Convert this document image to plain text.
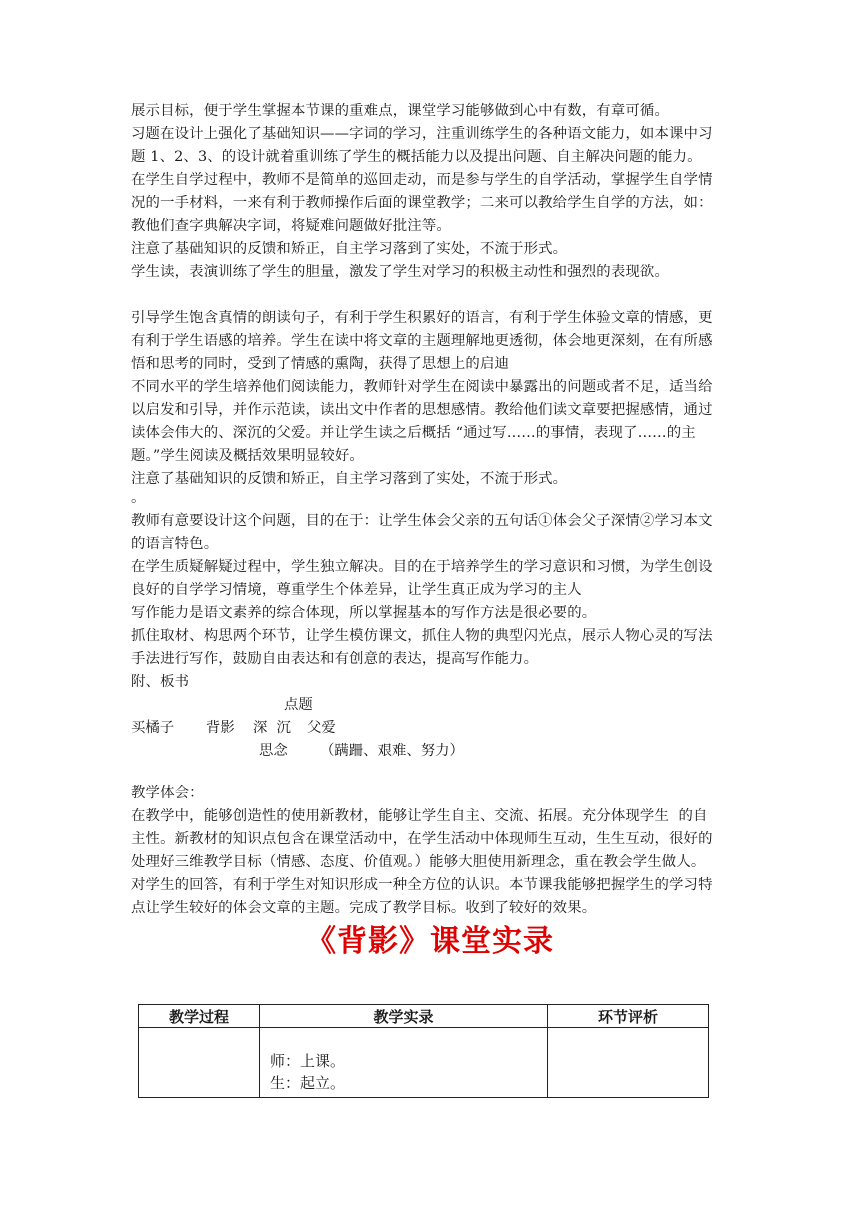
展示目标，便于学生掌握本节课的重难点，课堂学习能够做到心中有数，有章可循。
习题在设计上强化了基础知识——字词的学习，注重训练学生的各种语文能力，如本课中习
题 1、2、3、的设计就着重训练了学生的概括能力以及提出问题、自主解决问题的能力。
在学生自学过程中，教师不是简单的巡回走动，而是参与学生的自学活动，掌握学生自学情
况的一手材料，一来有利于教师操作后面的课堂教学；二来可以教给学生自学的方法，如：
教他们查字典解决字词，将疑难问题做好批注等。
注意了基础知识的反馈和矫正，自主学习落到了实处，不流于形式。
学生读，表演训练了学生的胆量，激发了学生对学习的积极主动性和强烈的表现欲。
引导学生饱含真情的朗读句子，有利于学生积累好的语言，有利于学生体验文章的情感，更
有利于学生语感的培养。学生在读中将文章的主题理解地更透彻，体会地更深刻，在有所感
悟和思考的同时，受到了情感的熏陶，获得了思想上的启迪
不同水平的学生培养他们阅读能力，教师针对学生在阅读中暴露出的问题或者不足，适当给
以启发和引导，并作示范读，读出文中作者的思想感情。教给他们读文章要把握感情，通过
读体会伟大的、深沉的父爱。并让学生读之后概括 “通过写……的事情，表现了……的主
题。”学生阅读及概括效果明显较好。
注意了基础知识的反馈和矫正，自主学习落到了实处，不流于形式。
。
教师有意要设计这个问题，目的在于：让学生体会父亲的五句话①体会父子深情②学习本文
的语言特色。
在学生质疑解疑过程中，学生独立解决。目的在于培养学生的学习意识和习惯，为学生创设
良好的自学学习情境，尊重学生个体差异，让学生真正成为学习的主人
写作能力是语文素养的综合体现，所以掌握基本的写作方法是很必要的。
抓住取材、构思两个环节，让学生模仿课文，抓住人物的典型闪光点，展示人物心灵的写法
手法进行写作，鼓励自由表达和有创意的表达，提高写作能力。
附、板书
点题
买橘子 背影 深  沉 父爱
思念 （蹒跚、艰难、努力）
教学体会：
在教学中，能够创造性的使用新教材，能够让学生自主、交流、拓展。充分体现学生  的自
主性。新教材的知识点包含在课堂活动中，在学生活动中体现师生互动，生生互动，很好的
处理好三维教学目标（情感、态度、价值观。）能够大胆使用新理念，重在教会学生做人。
对学生的回答，有利于学生对知识形成一种全方位的认识。本节课我能够把握学生的学习特
点让学生较好的体会文章的主题。完成了教学目标。收到了较好的效果。
《背影》课堂实录
教学过程	教学实录	环节评析

	师：上课。
生：起立。	
